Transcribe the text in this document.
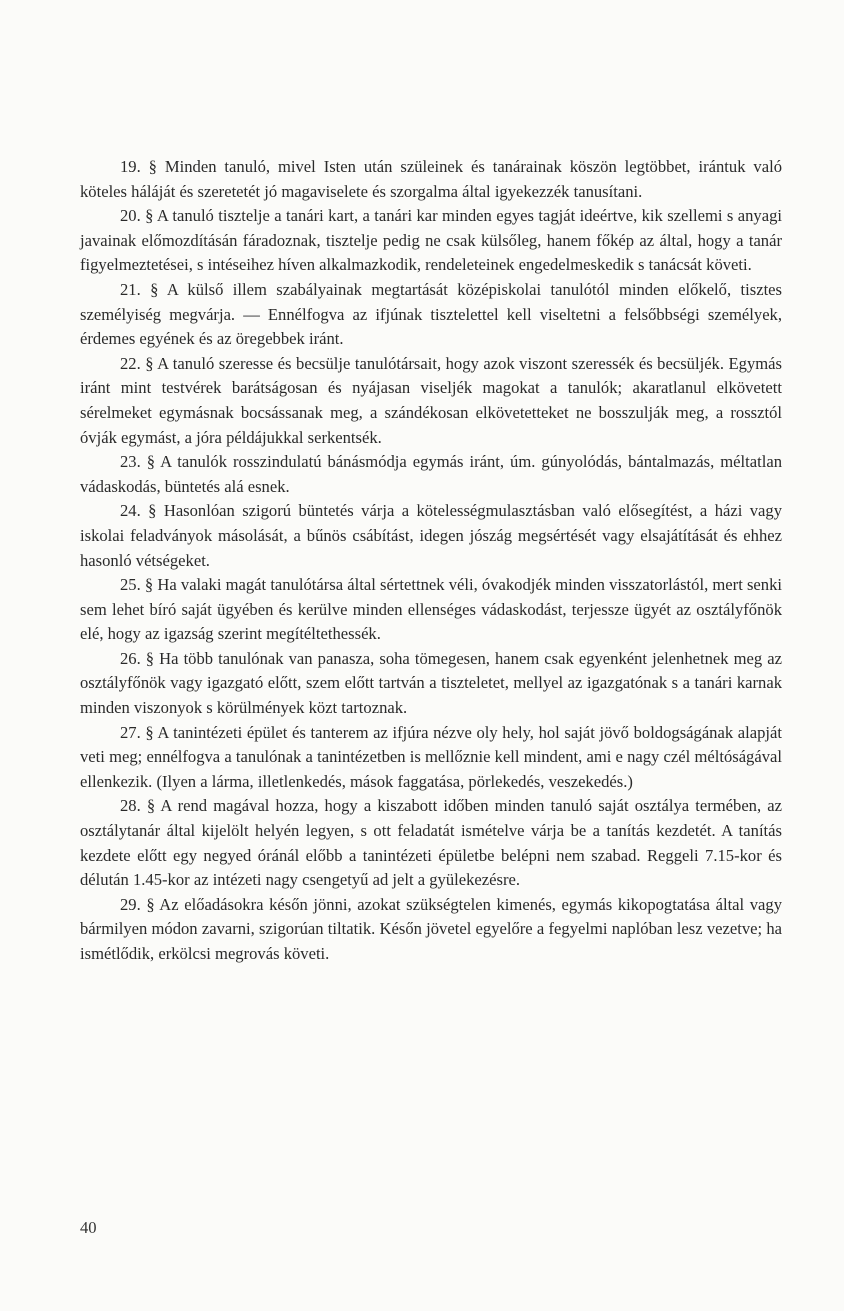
19. § Minden tanuló, mivel Isten után szüleinek és tanárainak köszön legtöbbet, irántuk való köteles háláját és szeretetét jó magaviselete és szorgalma által igyekezzék tanusítani.

20. § A tanuló tisztelje a tanári kart, a tanári kar minden egyes tagját ideértve, kik szellemi s anyagi javainak előmozdításán fáradoznak, tisztelje pedig ne csak külsőleg, hanem főkép az által, hogy a tanár figyelmeztetései, s intéseihez híven alkalmazkodik, rendeleteinek engedelmeskedik s tanácsát követi.

21. § A külső illem szabályainak megtartását középiskolai tanulótól minden előkelő, tisztes személyiség megvárja. — Ennélfogva az ifjúnak tisztelettel kell viseltetni a felsőbbségi személyek, érdemes egyének és az öregebbek iránt.

22. § A tanuló szeresse és becsülje tanulótársait, hogy azok viszont szeressék és becsüljék. Egymás iránt mint testvérek barátságosan és nyájasan viseljék magokat a tanulók; akaratlanul elkövetett sérelmeket egymásnak bocsássanak meg, a szándékosan elkövetetteket ne bosszulják meg, a rossztól óvják egymást, a jóra példájukkal serkentsék.

23. § A tanulók rosszindulatú bánásmódja egymás iránt, úm. gúnyolódás, bántalmazás, méltatlan vádaskodás, büntetés alá esnek.

24. § Hasonlóan szigorú büntetés várja a kötelességmulasztásban való elősegítést, a házi vagy iskolai feladványok másolását, a bűnös csábítást, idegen jószág megsértését vagy elsajátítását és ehhez hasonló vétségeket.

25. § Ha valaki magát tanulótársa által sértettnek véli, óvakodjék minden visszatorlástól, mert senki sem lehet bíró saját ügyében és kerülve minden ellenséges vádaskodást, terjessze ügyét az osztályfőnök elé, hogy az igazság szerint megítéltethessék.

26. § Ha több tanulónak van panasza, soha tömegesen, hanem csak egyenként jelenhetnek meg az osztályfőnök vagy igazgató előtt, szem előtt tartván a tiszteletet, mellyel az igazgatónak s a tanári karnak minden viszonyok s körülmények közt tartoznak.

27. § A tanintézeti épület és tanterem az ifjúra nézve oly hely, hol saját jövő boldogságának alapját veti meg; ennélfogva a tanulónak a tanintézetben is mellőznie kell mindent, ami e nagy czél méltóságával ellenkezik. (Ilyen a lárma, illetlenkedés, mások faggatása, pörlekedés, veszekedés.)

28. § A rend magával hozza, hogy a kiszabott időben minden tanuló saját osztálya termében, az osztálytanár által kijelölt helyén legyen, s ott feladatát ismételve várja be a tanítás kezdetét. A tanítás kezdete előtt egy negyed óránál előbb a tanintézeti épületbe belépni nem szabad. Reggeli 7.15-kor és délután 1.45-kor az intézeti nagy csengetyű ad jelt a gyülekezésre.

29. § Az előadásokra későn jönni, azokat szükségtelen kimenés, egymás kikopogtatása által vagy bármilyen módon zavarni, szigorúan tiltatik. Későn jövetel egyelőre a fegyelmi naplóban lesz vezetve; ha ismétlődik, erkölcsi megrovás követi.

40
